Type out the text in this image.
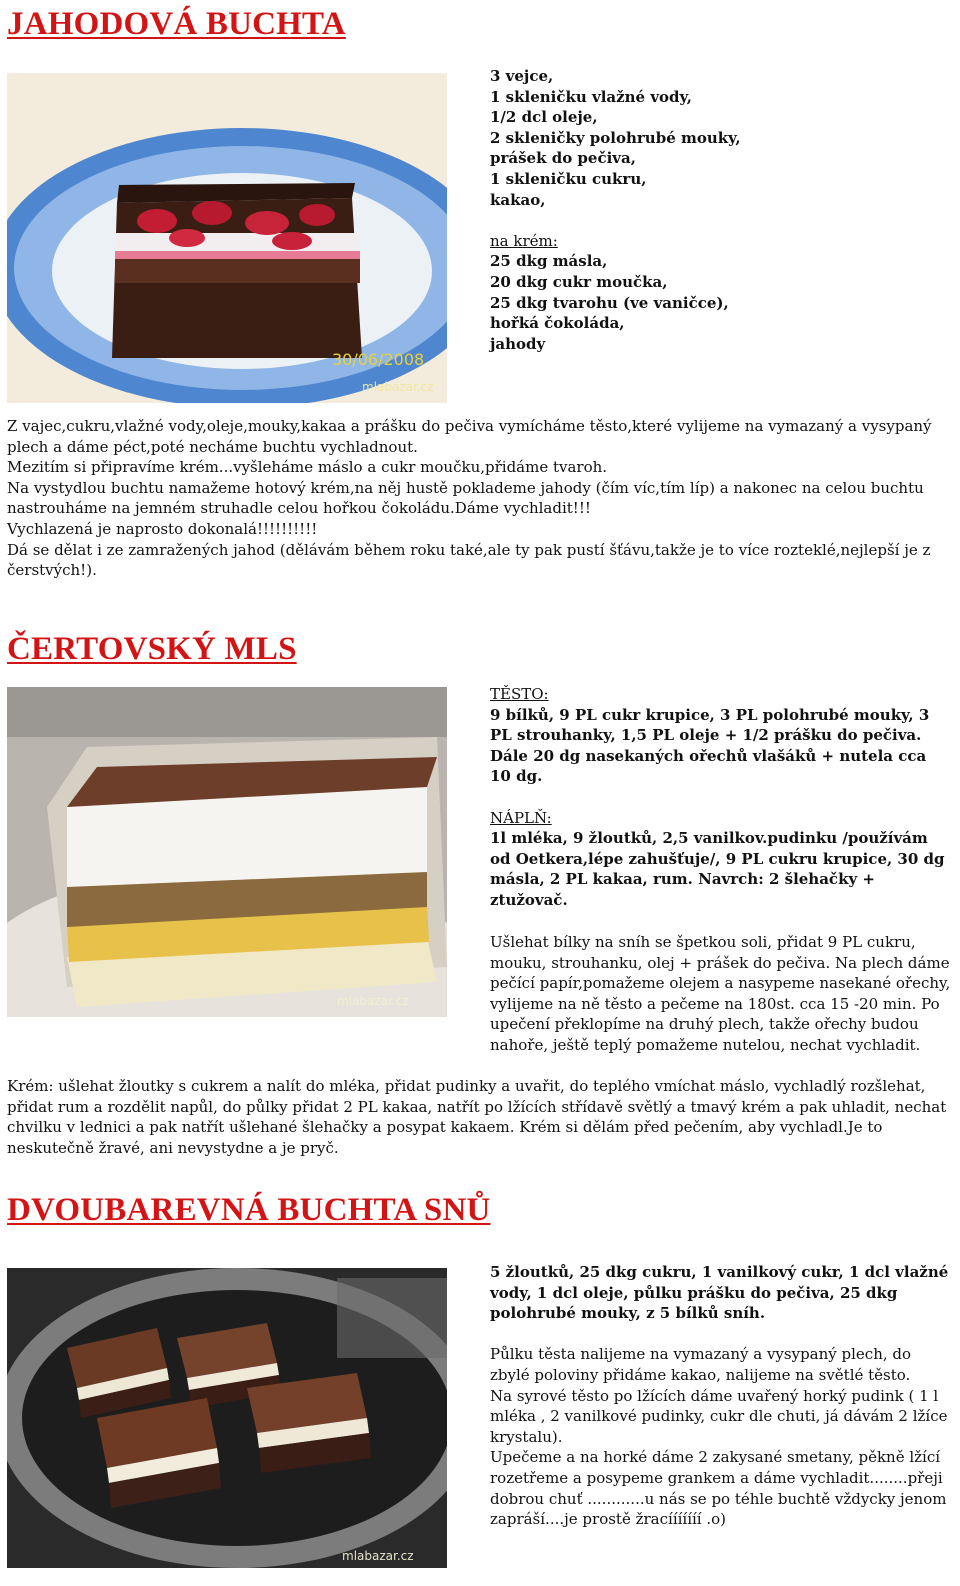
JAHODOVÁ BUCHTA
30/06/2008
mlabazar.cz

3 vejce,

1 skleničku vlažné vody,

1/2 dcl oleje,

2 skleničky polohrubé mouky,

prášek do pečiva,

1 skleničku cukru,

kakao,

na krém:

25 dkg másla,

20 dkg cukr moučka,

25 dkg tvarohu (ve vaničce),

hořká čokoláda,

jahody

Z vajec,cukru,vlažné vody,oleje,mouky,kakaa a prášku do pečiva vymícháme těsto,které vylijeme na vymazaný a vysypaný plech a dáme péct,poté necháme buchtu vychladnout.

Mezitím si připravíme krém...vyšleháme máslo a cukr moučku,přidáme tvaroh.

Na vystydlou buchtu namažeme hotový krém,na něj hustě poklademe jahody (čím víc,tím líp) a nakonec na celou buchtu nastrouháme na jemném struhadle celou hořkou čokoládu.Dáme vychladit!!!

Vychlazená je naprosto dokonalá!!!!!!!!!!

Dá se dělat i ze zamražených jahod (dělávám během roku také,ale ty pak pustí šťávu,takže je to více rozteklé,nejlepší je z čerstvých!).

ČERTOVSKÝ MLS
mlabazar.cz

TĚSTO:

9 bílků, 9 PL cukr krupice, 3 PL polohrubé mouky, 3 PL strouhanky, 1,5 PL oleje + 1/2 prášku do pečiva. Dále 20 dg nasekaných ořechů vlašáků + nutela cca 10 dg.

NÁPLŇ:

1l mléka, 9 žloutků, 2,5 vanilkov.pudinku /používám od Oetkera,lépe zahušťuje/, 9 PL cukru krupice, 30 dg másla, 2 PL kakaa, rum. Navrch: 2 šlehačky + ztužovač.

Ušlehat bílky na sníh se špetkou soli, přidat 9 PL cukru, mouku, strouhanku, olej + prášek do pečiva. Na plech dáme pečící papír,pomažeme olejem a nasypeme nasekané ořechy, vylijeme na ně těsto a pečeme na 180st. cca 15 -20 min. Po upečení překlopíme na druhý plech, takže ořechy budou nahoře, ještě teplý pomažeme nutelou, nechat vychladit.

Krém: ušlehat žloutky s cukrem a nalít do mléka, přidat pudinky a uvařit, do teplého vmíchat máslo, vychladlý rozšlehat, přidat rum a rozdělit napůl, do půlky přidat 2 PL kakaa, natřít po lžících střídavě světlý a tmavý krém a pak uhladit, nechat chvilku v lednici a pak natřít ušlehané šlehačky a posypat kakaem. Krém si dělám před pečením, aby vychladl.Je to neskutečně žravé, ani nevystydne a je pryč.

DVOUBAREVNÁ BUCHTA SNŮ
mlabazar.cz

5 žloutků, 25 dkg cukru, 1 vanilkový cukr, 1 dcl vlažné vody, 1 dcl oleje, půlku prášku do pečiva, 25 dkg polohrubé mouky, z 5 bílků sníh.

Půlku těsta nalijeme na vymazaný a vysypaný plech, do zbylé poloviny přidáme kakao, nalijeme na světlé těsto.

Na syrové těsto po lžících dáme uvařený horký pudink ( 1 l mléka , 2 vanilkové pudinky, cukr dle chuti, já dávám 2 lžíce krystalu).

Upečeme a na horké dáme 2 zakysané smetany, pěkně lžící rozetřeme a posypeme grankem a dáme vychladit........přeji dobrou chuť ............u nás se po téhle buchtě vždycky jenom zapráší....je prostě žracííííííí .o)
